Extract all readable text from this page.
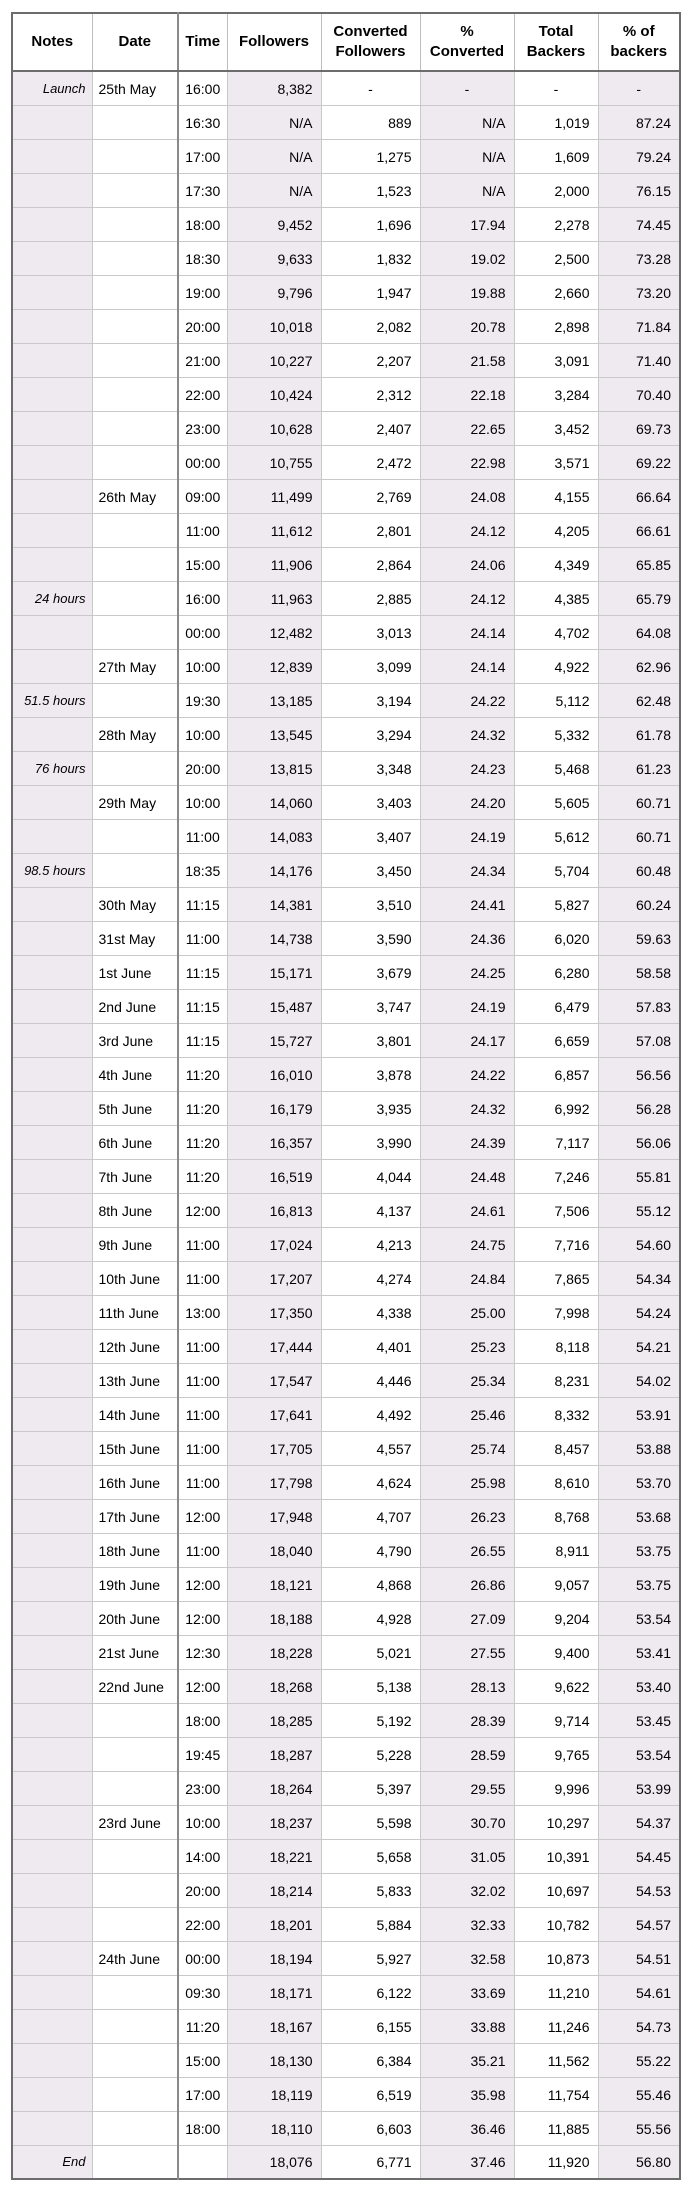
Notes	Date	Time	Followers	Converted Followers	% Converted	Total Backers	% of backers
Launch	25th May	16:00	8,382	-	-	-	-
		16:30	N/A	889	N/A	1,019	87.24
		17:00	N/A	1,275	N/A	1,609	79.24
		17:30	N/A	1,523	N/A	2,000	76.15
		18:00	9,452	1,696	17.94	2,278	74.45
		18:30	9,633	1,832	19.02	2,500	73.28
		19:00	9,796	1,947	19.88	2,660	73.20
		20:00	10,018	2,082	20.78	2,898	71.84
		21:00	10,227	2,207	21.58	3,091	71.40
		22:00	10,424	2,312	22.18	3,284	70.40
		23:00	10,628	2,407	22.65	3,452	69.73
		00:00	10,755	2,472	22.98	3,571	69.22
	26th May	09:00	11,499	2,769	24.08	4,155	66.64
		11:00	11,612	2,801	24.12	4,205	66.61
		15:00	11,906	2,864	24.06	4,349	65.85
24 hours		16:00	11,963	2,885	24.12	4,385	65.79
		00:00	12,482	3,013	24.14	4,702	64.08
	27th May	10:00	12,839	3,099	24.14	4,922	62.96
51.5 hours		19:30	13,185	3,194	24.22	5,112	62.48
	28th May	10:00	13,545	3,294	24.32	5,332	61.78
76 hours		20:00	13,815	3,348	24.23	5,468	61.23
	29th May	10:00	14,060	3,403	24.20	5,605	60.71
		11:00	14,083	3,407	24.19	5,612	60.71
98.5 hours		18:35	14,176	3,450	24.34	5,704	60.48
	30th May	11:15	14,381	3,510	24.41	5,827	60.24
	31st May	11:00	14,738	3,590	24.36	6,020	59.63
	1st June	11:15	15,171	3,679	24.25	6,280	58.58
	2nd June	11:15	15,487	3,747	24.19	6,479	57.83
	3rd June	11:15	15,727	3,801	24.17	6,659	57.08
	4th June	11:20	16,010	3,878	24.22	6,857	56.56
	5th June	11:20	16,179	3,935	24.32	6,992	56.28
	6th June	11:20	16,357	3,990	24.39	7,117	56.06
	7th June	11:20	16,519	4,044	24.48	7,246	55.81
	8th June	12:00	16,813	4,137	24.61	7,506	55.12
	9th June	11:00	17,024	4,213	24.75	7,716	54.60
	10th June	11:00	17,207	4,274	24.84	7,865	54.34
	11th June	13:00	17,350	4,338	25.00	7,998	54.24
	12th June	11:00	17,444	4,401	25.23	8,118	54.21
	13th June	11:00	17,547	4,446	25.34	8,231	54.02
	14th June	11:00	17,641	4,492	25.46	8,332	53.91
	15th June	11:00	17,705	4,557	25.74	8,457	53.88
	16th June	11:00	17,798	4,624	25.98	8,610	53.70
	17th June	12:00	17,948	4,707	26.23	8,768	53.68
	18th June	11:00	18,040	4,790	26.55	8,911	53.75
	19th June	12:00	18,121	4,868	26.86	9,057	53.75
	20th June	12:00	18,188	4,928	27.09	9,204	53.54
	21st June	12:30	18,228	5,021	27.55	9,400	53.41
	22nd June	12:00	18,268	5,138	28.13	9,622	53.40
		18:00	18,285	5,192	28.39	9,714	53.45
		19:45	18,287	5,228	28.59	9,765	53.54
		23:00	18,264	5,397	29.55	9,996	53.99
	23rd June	10:00	18,237	5,598	30.70	10,297	54.37
		14:00	18,221	5,658	31.05	10,391	54.45
		20:00	18,214	5,833	32.02	10,697	54.53
		22:00	18,201	5,884	32.33	10,782	54.57
	24th June	00:00	18,194	5,927	32.58	10,873	54.51
		09:30	18,171	6,122	33.69	11,210	54.61
		11:20	18,167	6,155	33.88	11,246	54.73
		15:00	18,130	6,384	35.21	11,562	55.22
		17:00	18,119	6,519	35.98	11,754	55.46
		18:00	18,110	6,603	36.46	11,885	55.56
End			18,076	6,771	37.46	11,920	56.80
